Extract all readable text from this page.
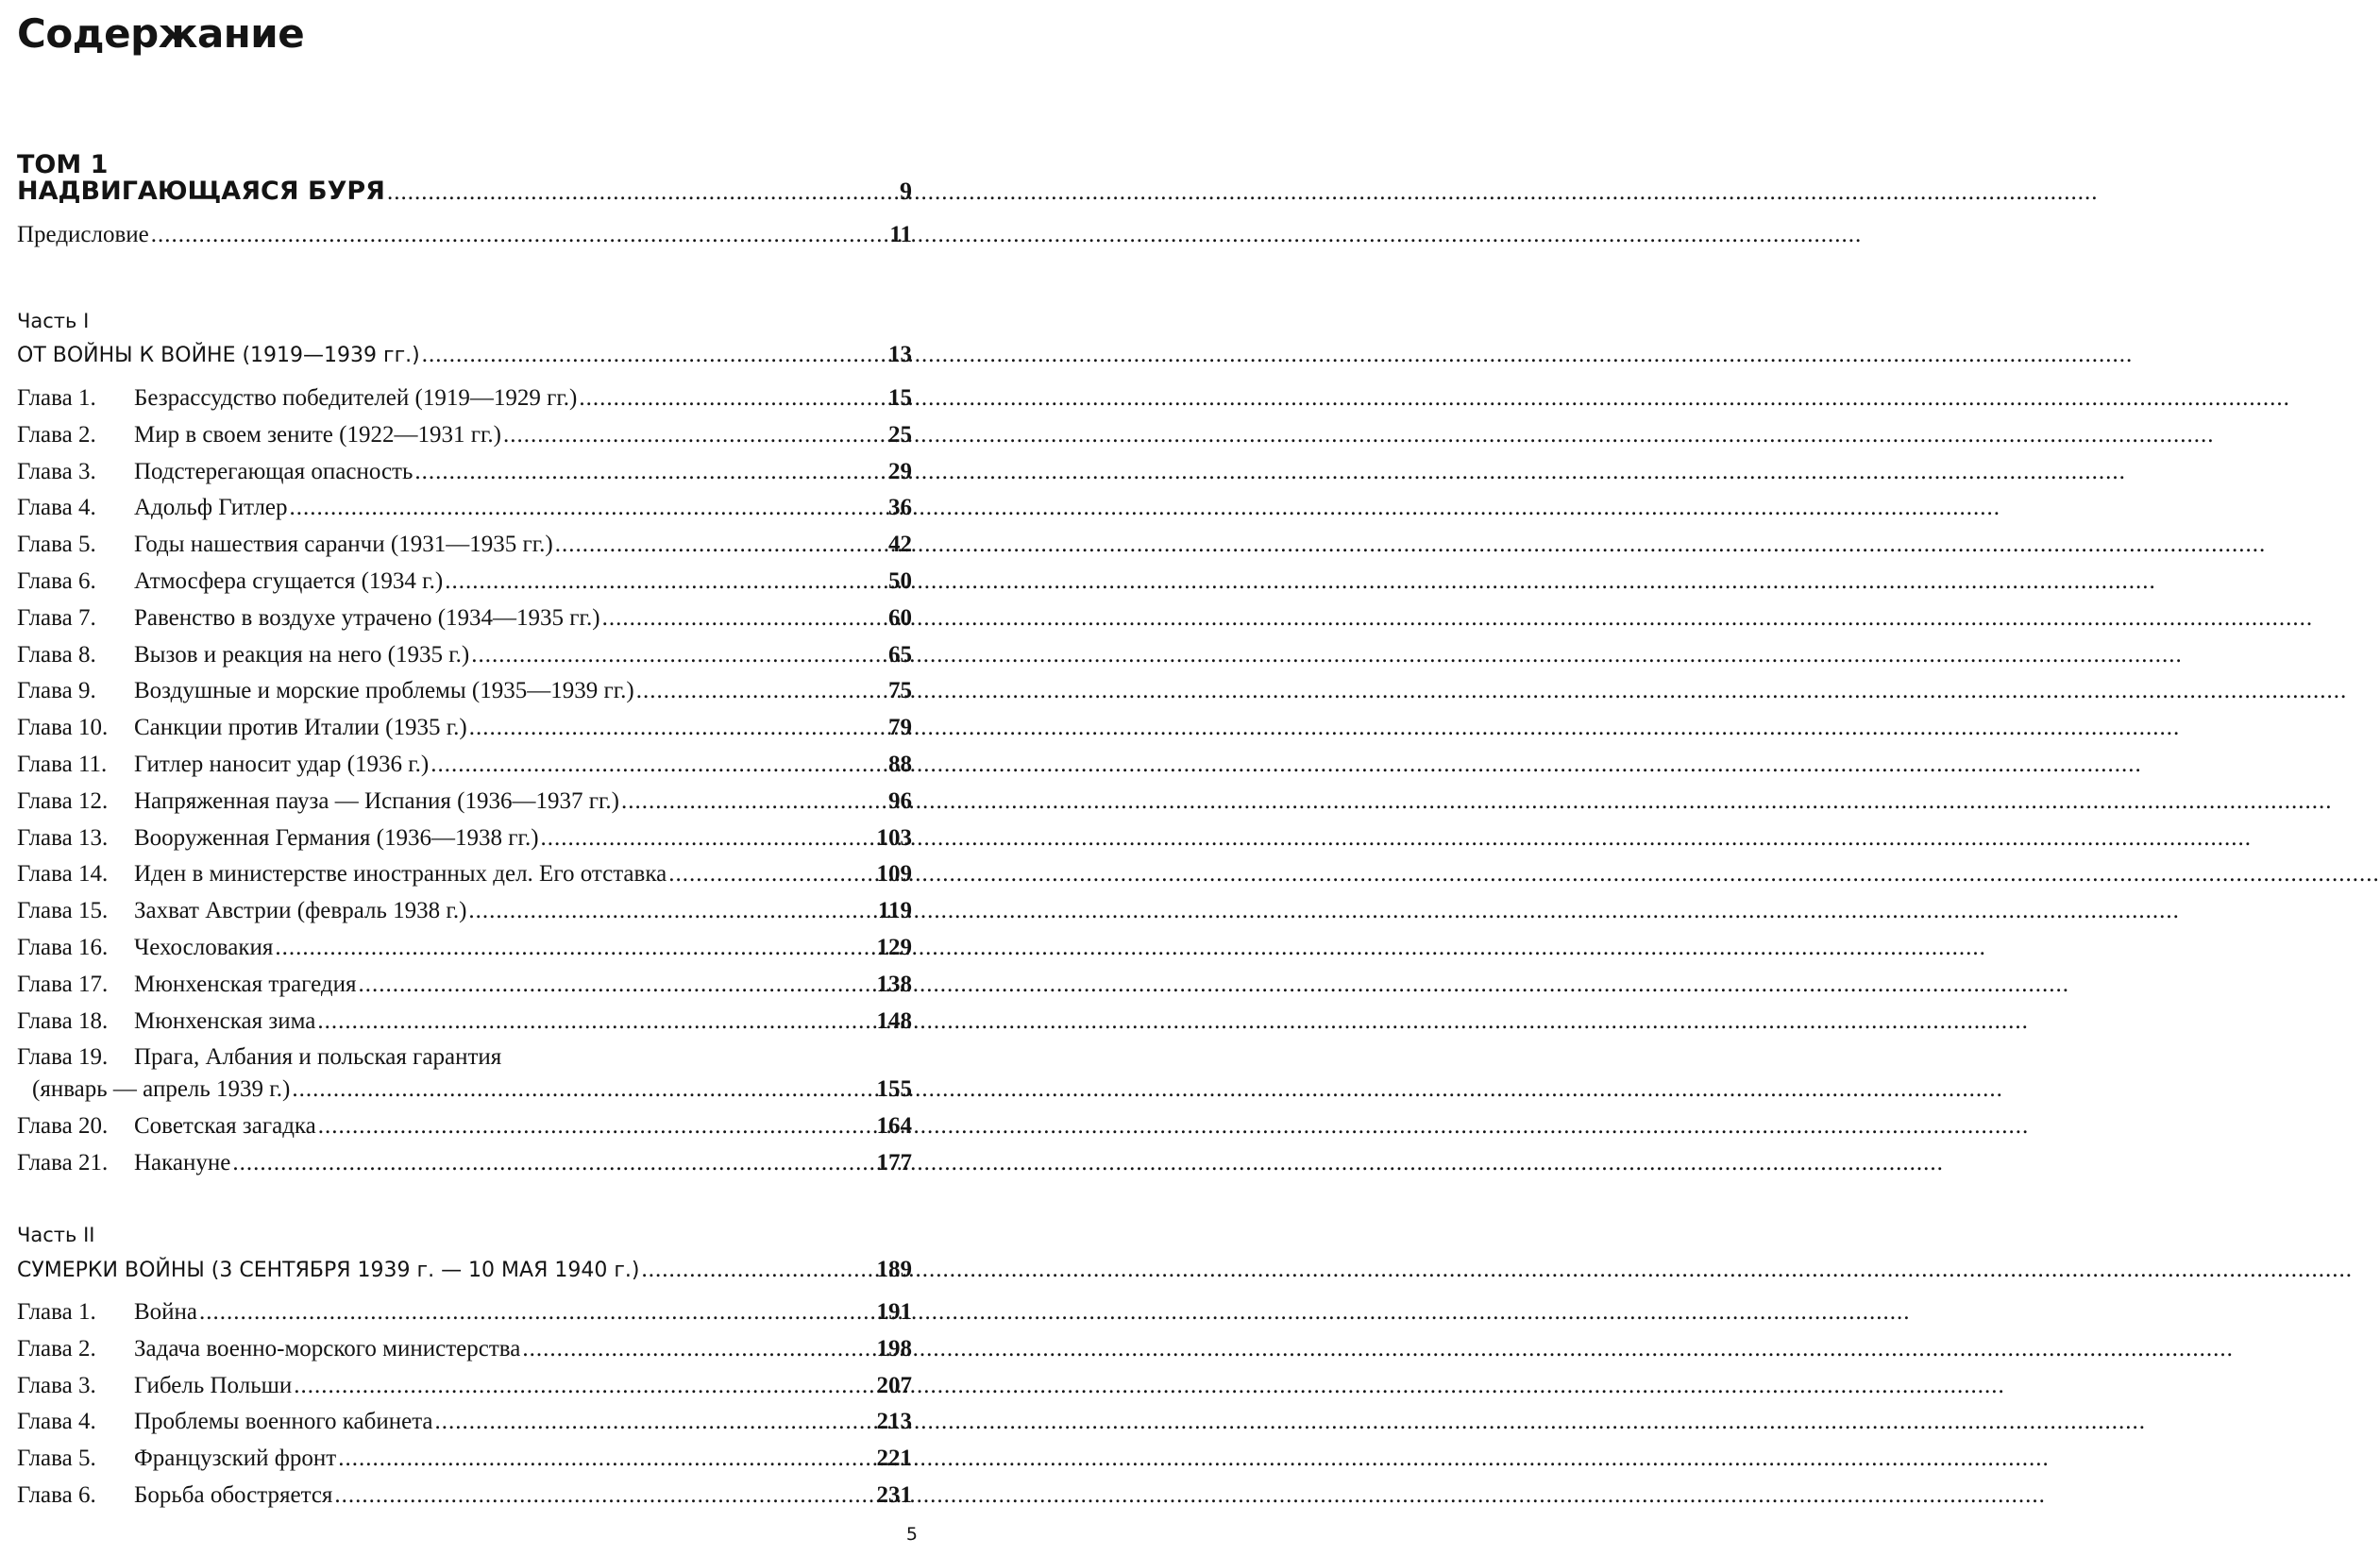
Содержание
ТОМ 1
НАДВИГАЮЩАЯСЯ БУРЯ .....	9
Предисловие .....	11
Часть I
ОТ ВОЙНЫ К ВОЙНЕ (1919—1939 гг.) .....	13
Глава 1.	Безрассудство победителей (1919—1929 гг.) .....	15
Глава 2.	Мир в своем зените (1922—1931 гг.) .....	25
Глава 3.	Подстерегающая опасность .....	29
Глава 4.	Адольф Гитлер .....	36
Глава 5.	Годы нашествия саранчи (1931—1935 гг.) .....	42
Глава 6.	Атмосфера сгущается (1934 г.) .....	50
Глава 7.	Равенство в воздухе утрачено (1934—1935 гг.) .....	60
Глава 8.	Вызов и реакция на него (1935 г.) .....	65
Глава 9.	Воздушные и морские проблемы (1935—1939 гг.) .....	75
Глава 10.	Санкции против Италии (1935 г.) .....	79
Глава 11.	Гитлер наносит удар (1936 г.) .....	88
Глава 12.	Напряженная пауза — Испания (1936—1937 гг.) .....	96
Глава 13.	Вооруженная Германия (1936—1938 гг.) .....	103
Глава 14.	Иден в министерстве иностранных дел. Его отставка .....	109
Глава 15.	Захват Австрии (февраль 1938 г.) .....	119
Глава 16.	Чехословакия .....	129
Глава 17.	Мюнхенская трагедия .....	138
Глава 18.	Мюнхенская зима .....	148
Глава 19.	Прага, Албания и польская гарантия
(январь — апрель 1939 г.) .....	155
Глава 20.	Советская загадка .....	164
Глава 21.	Накануне .....	177
Часть II
СУМЕРКИ ВОЙНЫ (3 СЕНТЯБРЯ 1939 г. — 10 МАЯ 1940 г.) .....	189
Глава 1.	Война .....	191
Глава 2.	Задача военно-морского министерства .....	198
Глава 3.	Гибель Польши .....	207
Глава 4.	Проблемы военного кабинета .....	213
Глава 5.	Французский фронт .....	221
Глава 6.	Борьба обостряется .....	231
5
